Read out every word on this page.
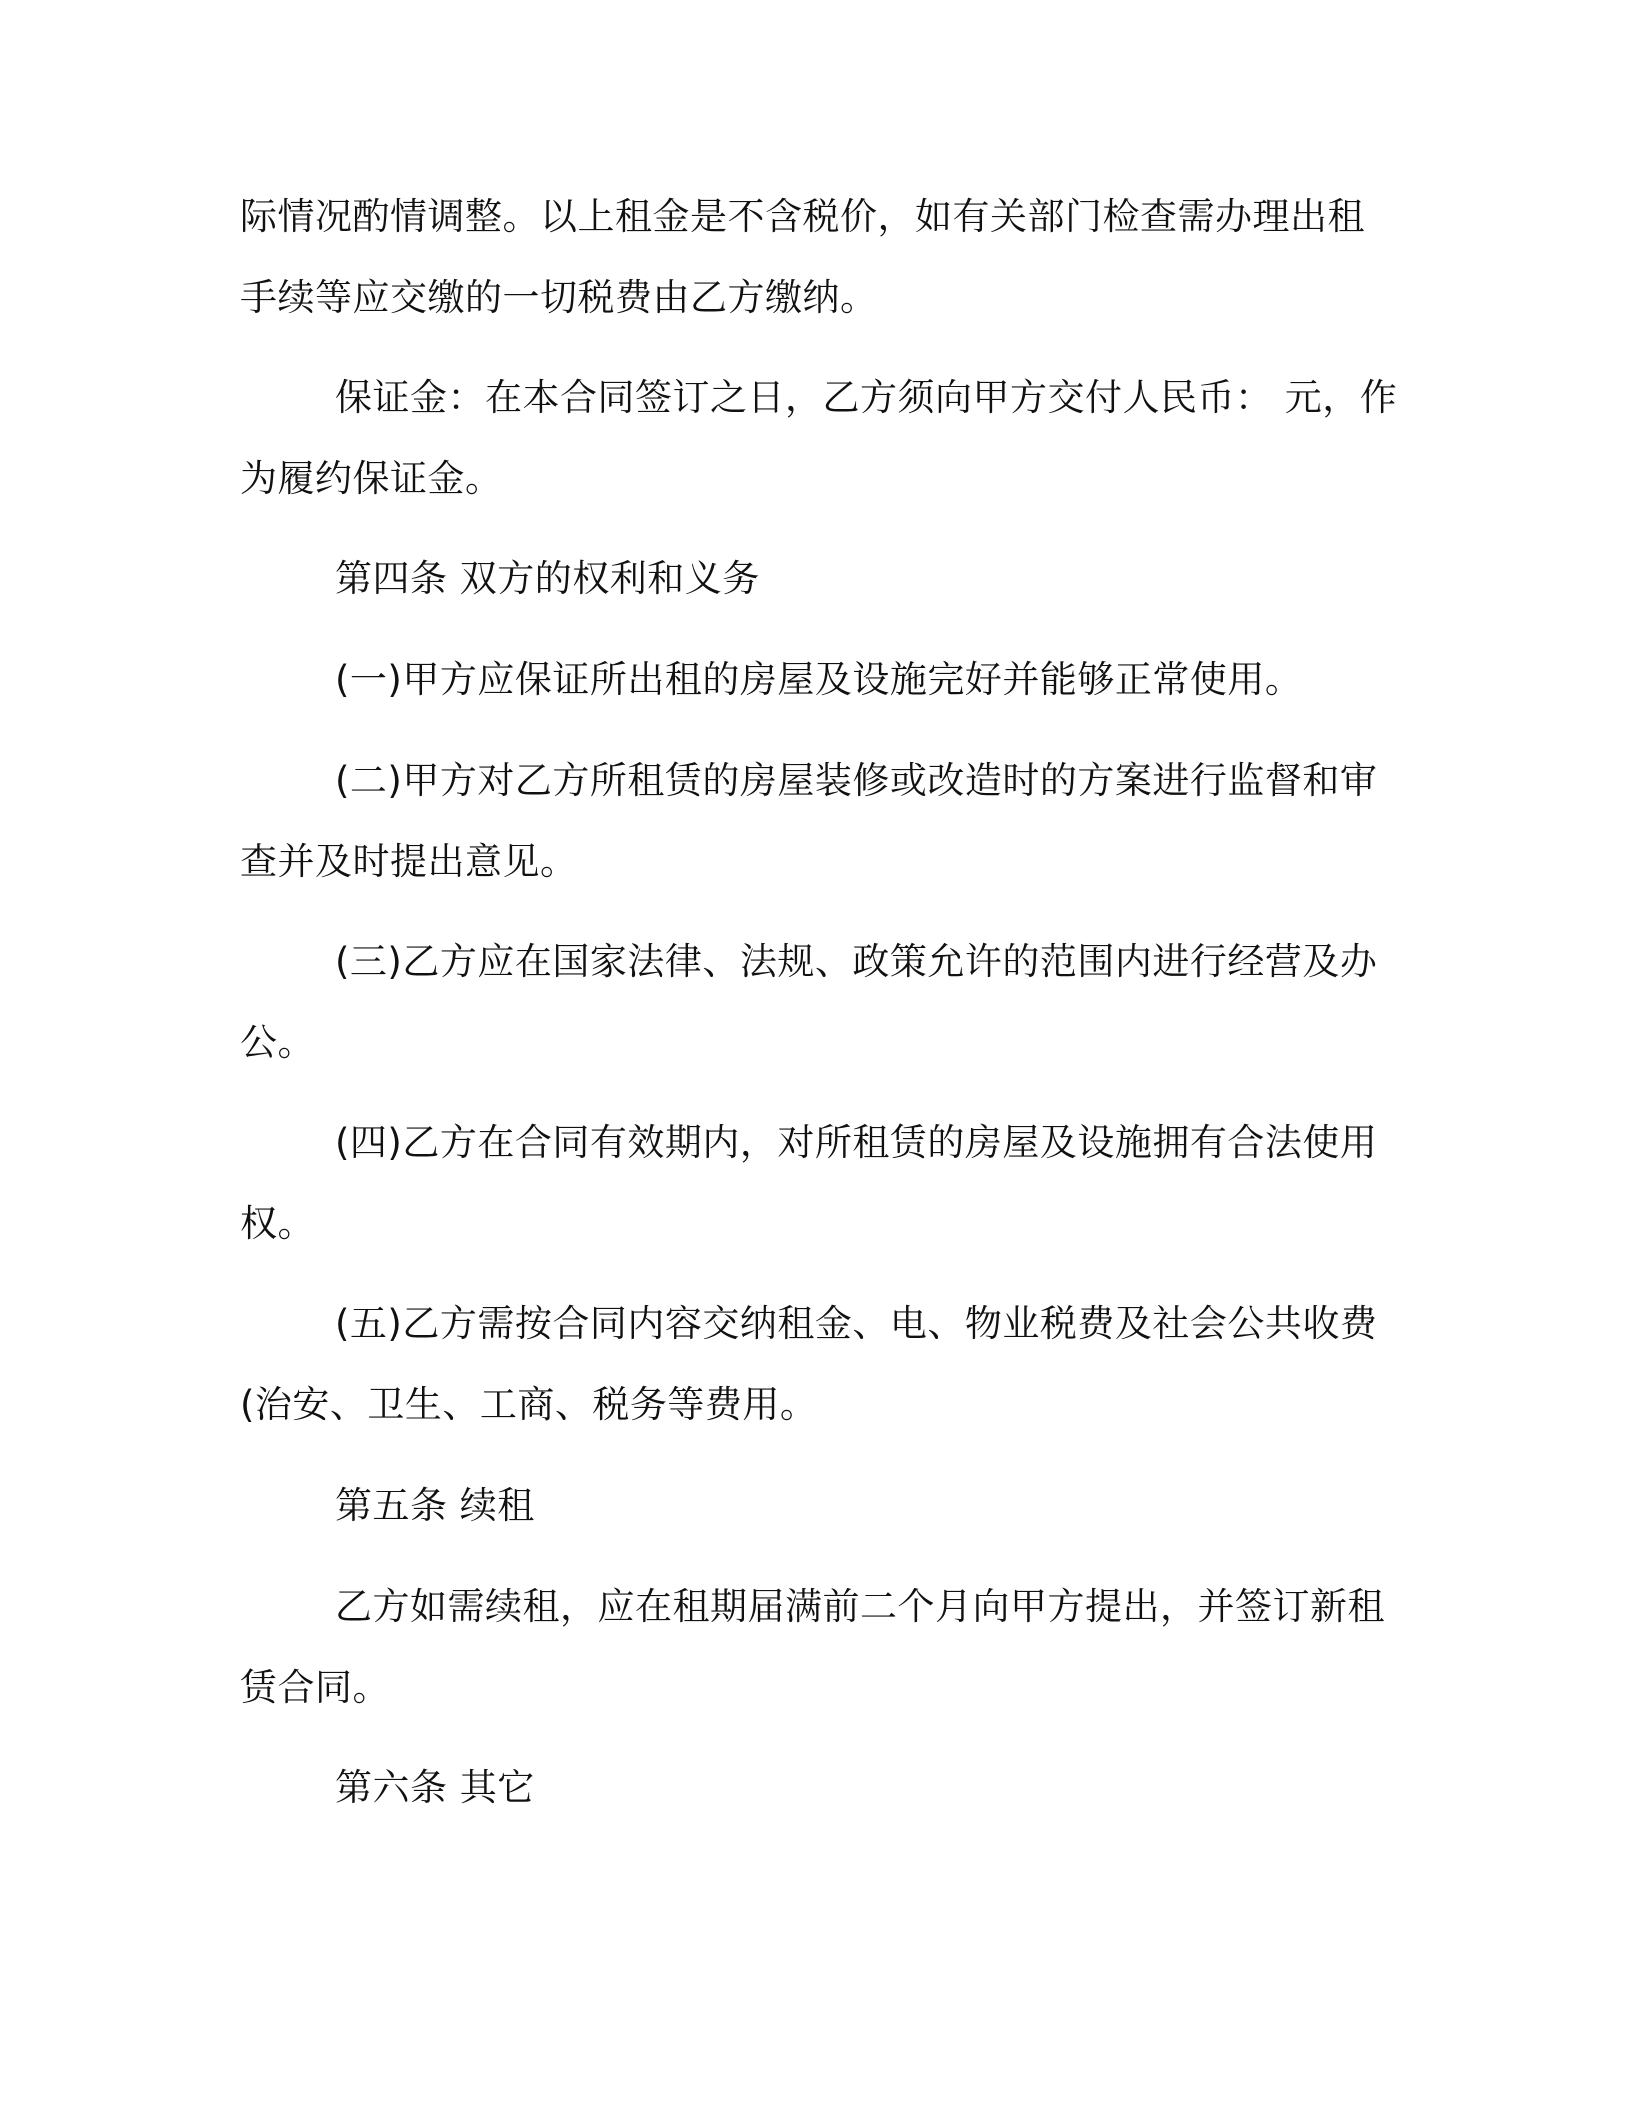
际情况酌情调整。以上租金是不含税价，如有关部门检查需办理出租
手续等应交缴的一切税费由乙方缴纳。

保证金：在本合同签订之日，乙方须向甲方交付人民币： 元，作
为履约保证金。

第四条 双方的权利和义务

(一)甲方应保证所出租的房屋及设施完好并能够正常使用。

(二)甲方对乙方所租赁的房屋装修或改造时的方案进行监督和审
查并及时提出意见。

(三)乙方应在国家法律、法规、政策允许的范围内进行经营及办
公。

(四)乙方在合同有效期内，对所租赁的房屋及设施拥有合法使用
权。

(五)乙方需按合同内容交纳租金、电、物业税费及社会公共收费
(治安、卫生、工商、税务等费用。

第五条 续租

乙方如需续租，应在租期届满前二个月向甲方提出，并签订新租
赁合同。

第六条 其它
